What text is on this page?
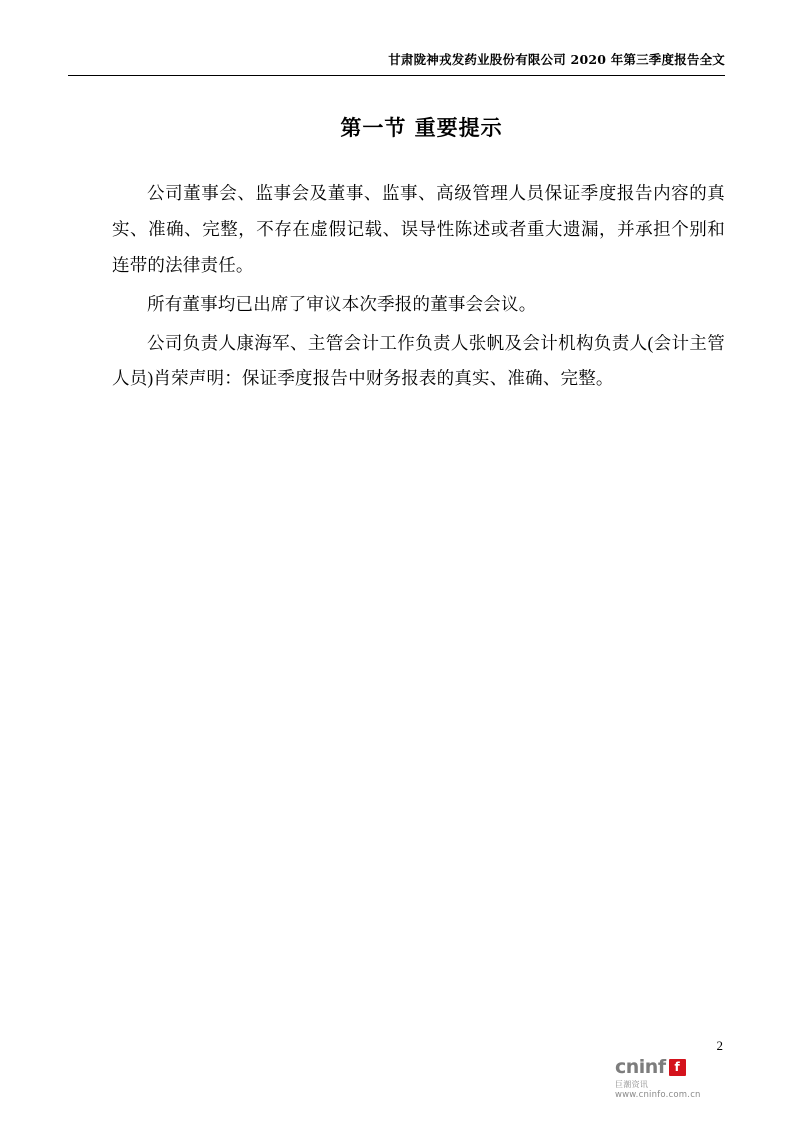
甘肃陇神戎发药业股份有限公司 2020 年第三季度报告全文
第一节 重要提示

公司董事会、监事会及董事、监事、高级管理人员保证季度报告内容的真实、准确、完整，不存在虚假记载、误导性陈述或者重大遗漏，并承担个别和连带的法律责任。

所有董事均已出席了审议本次季报的董事会会议。

公司负责人康海军、主管会计工作负责人张帆及会计机构负责人(会计主管人员)肖荣声明：保证季度报告中财务报表的真实、准确、完整。

2
cninf f
巨潮资讯
www.cninfo.com.cn
